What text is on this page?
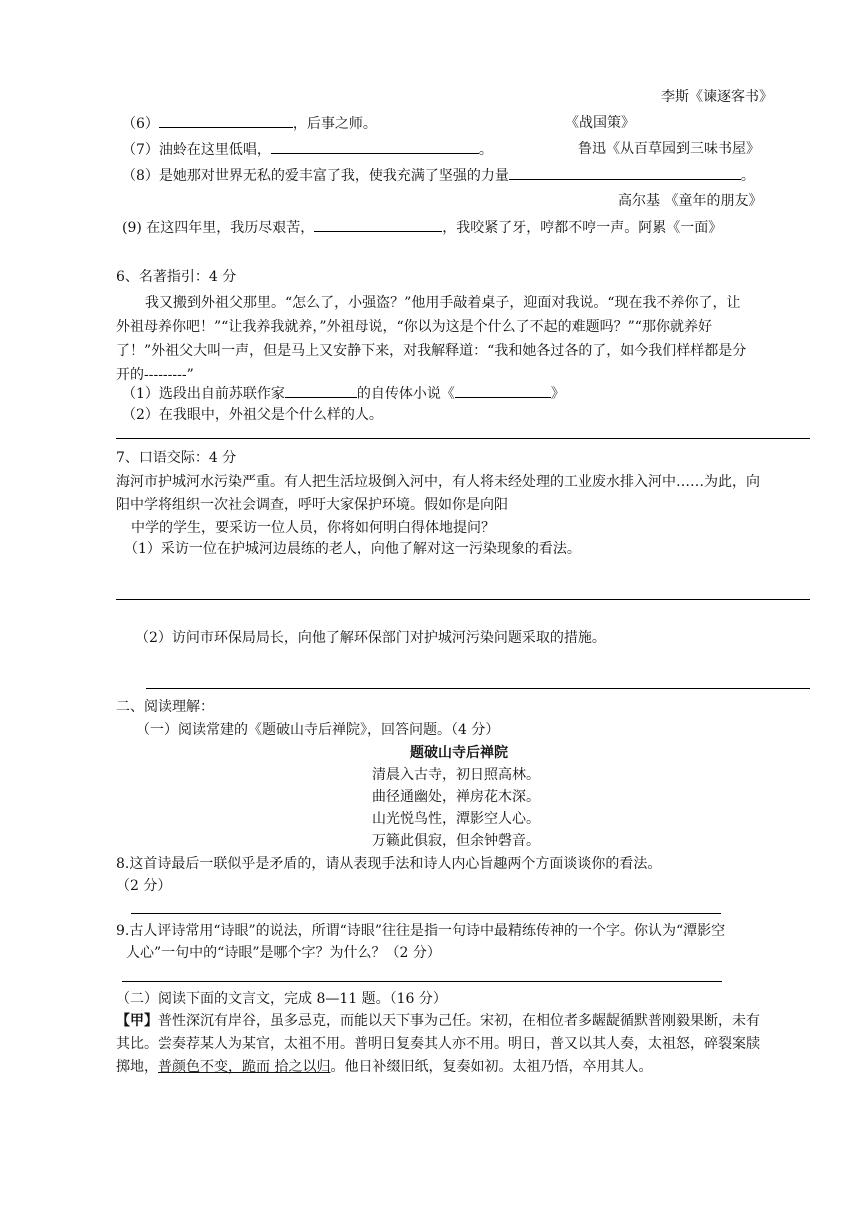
李斯《谏逐客书》
（6）	，后事之师。	《战国策》
（7）油蛉在这里低唱，	。	鲁迅《从百草园到三味书屋》
（8）是她那对世界无私的爱丰富了我，使我充满了坚强的力量	。
高尔基 《童年的朋友》
(9) 在这四年里，我历尽艰苦，	，我咬紧了牙，哼都不哼一声。阿累《一面》
6、名著指引：4 分
我又搬到外祖父那里。“怎么了，小强盗？”他用手敲着桌子，迎面对我说。“现在我不养你了，让
外祖母养你吧！”“让我养我就养，”外祖母说，“你以为这是个什么了不起的难题吗？”“那你就养好
了！”外祖父大叫一声，但是马上又安静下来，对我解释道：“我和她各过各的了，如今我们样样都是分
开的---------”
（1）选段出自前苏联作家	的自传体小说《	》
（2）在我眼中，外祖父是个什么样的人。
7、口语交际：4 分
海河市护城河水污染严重。有人把生活垃圾倒入河中，有人将未经处理的工业废水排入河中……为此，向
阳中学将组织一次社会调查，呼吁大家保护环境。假如你是向阳
中学的学生，要采访一位人员，你将如何明白得体地提问？
（1）采访一位在护城河边晨练的老人，向他了解对这一污染现象的看法。
（2）访问市环保局局长，向他了解环保部门对护城河污染问题采取的措施。
二、阅读理解：
（一）阅读常建的《题破山寺后禅院》，回答问题。（4 分）
题破山寺后禅院
清晨入古寺，初日照高林。
曲径通幽处，禅房花木深。
山光悦鸟性，潭影空人心。
万籁此俱寂，但余钟磬音。
8.这首诗最后一联似乎是矛盾的，请从表现手法和诗人内心旨趣两个方面谈谈你的看法。
（2 分）
9.古人评诗常用“诗眼”的说法，所谓“诗眼”往往是指一句诗中最精练传神的一个字。你认为“潭影空
人心”一句中的“诗眼”是哪个字？为什么？（2 分）
（二）阅读下面的文言文，完成 8—11 题。（16 分）
【甲】普性深沉有岸谷，虽多忌克，而能以天下事为己任。宋初，在相位者多龌龊循默普刚毅果断，未有
其比。尝奏荐某人为某官，太祖不用。普明日复奏其人亦不用。明日，普又以其人奏，太祖怒，碎裂案牍
掷地，普颜色不变，跪而 拾之以归。他日补缀旧纸，复奏如初。太祖乃悟，卒用其人。
